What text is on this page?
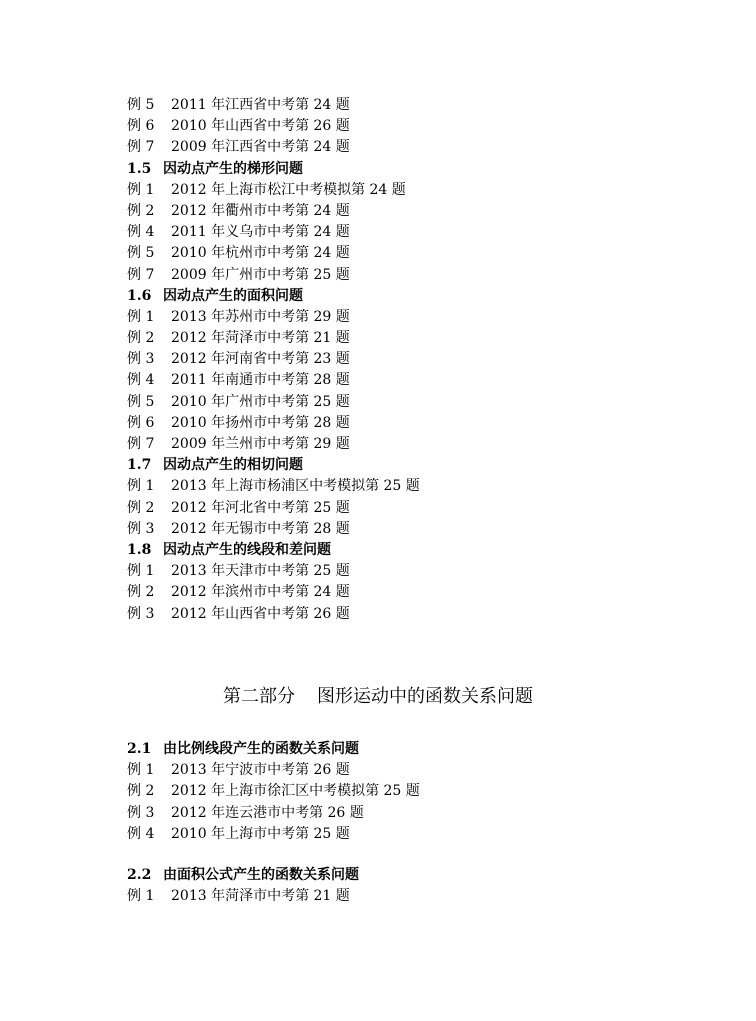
例 5 2011 年江西省中考第 24 题
例 6 2010 年山西省中考第 26 题
例 7 2009 年江西省中考第 24 题
1.5 因动点产生的梯形问题
例 1 2012 年上海市松江中考模拟第 24 题
例 2 2012 年衢州市中考第 24 题
例 4 2011 年义乌市中考第 24 题
例 5 2010 年杭州市中考第 24 题
例 7 2009 年广州市中考第 25 题
1.6 因动点产生的面积问题
例 1 2013 年苏州市中考第 29 题
例 2 2012 年菏泽市中考第 21 题
例 3 2012 年河南省中考第 23 题
例 4 2011 年南通市中考第 28 题
例 5 2010 年广州市中考第 25 题
例 6 2010 年扬州市中考第 28 题
例 7 2009 年兰州市中考第 29 题
1.7 因动点产生的相切问题
例 1 2013 年上海市杨浦区中考模拟第 25 题
例 2 2012 年河北省中考第 25 题
例 3 2012 年无锡市中考第 28 题
1.8 因动点产生的线段和差问题
例 1 2013 年天津市中考第 25 题
例 2 2012 年滨州市中考第 24 题
例 3 2012 年山西省中考第 26 题
第二部分 图形运动中的函数关系问题
2.1 由比例线段产生的函数关系问题
例 1 2013 年宁波市中考第 26 题
例 2 2012 年上海市徐汇区中考模拟第 25 题
例 3 2012 年连云港市中考第 26 题
例 4 2010 年上海市中考第 25 题
2.2 由面积公式产生的函数关系问题
例 1 2013 年菏泽市中考第 21 题
